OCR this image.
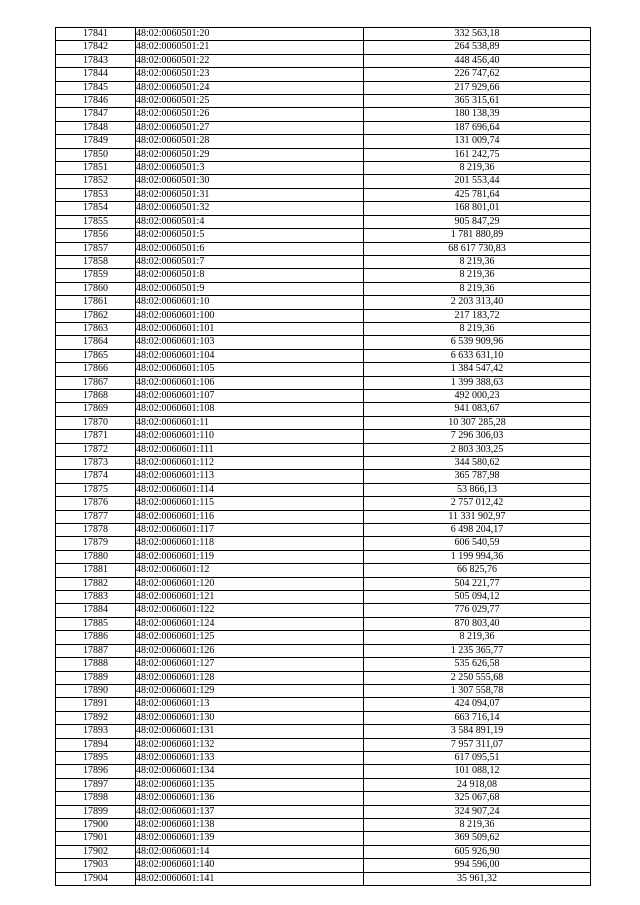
17841	48:02:0060501:20	332 563,18
17842	48:02:0060501:21	264 538,89
17843	48:02:0060501:22	448 456,40
17844	48:02:0060501:23	226 747,62
17845	48:02:0060501:24	217 929,66
17846	48:02:0060501:25	365 315,61
17847	48:02:0060501:26	180 138,39
17848	48:02:0060501:27	187 696,64
17849	48:02:0060501:28	131 009,74
17850	48:02:0060501:29	161 242,75
17851	48:02:0060501:3	8 219,36
17852	48:02:0060501:30	201 553,44
17853	48:02:0060501:31	425 781,64
17854	48:02:0060501:32	168 801,01
17855	48:02:0060501:4	905 847,29
17856	48:02:0060501:5	1 781 880,89
17857	48:02:0060501:6	68 617 730,83
17858	48:02:0060501:7	8 219,36
17859	48:02:0060501:8	8 219,36
17860	48:02:0060501:9	8 219,36
17861	48:02:0060601:10	2 203 313,40
17862	48:02:0060601:100	217 183,72
17863	48:02:0060601:101	8 219,36
17864	48:02:0060601:103	6 539 909,96
17865	48:02:0060601:104	6 633 631,10
17866	48:02:0060601:105	1 384 547,42
17867	48:02:0060601:106	1 399 388,63
17868	48:02:0060601:107	492 000,23
17869	48:02:0060601:108	941 083,67
17870	48:02:0060601:11	10 307 285,28
17871	48:02:0060601:110	7 296 306,03
17872	48:02:0060601:111	2 803 303,25
17873	48:02:0060601:112	344 580,62
17874	48:02:0060601:113	365 787,98
17875	48:02:0060601:114	53 866,13
17876	48:02:0060601:115	2 757 012,42
17877	48:02:0060601:116	11 331 902,97
17878	48:02:0060601:117	6 498 204,17
17879	48:02:0060601:118	606 540,59
17880	48:02:0060601:119	1 199 994,36
17881	48:02:0060601:12	66 825,76
17882	48:02:0060601:120	504 221,77
17883	48:02:0060601:121	505 094,12
17884	48:02:0060601:122	776 029,77
17885	48:02:0060601:124	870 803,40
17886	48:02:0060601:125	8 219,36
17887	48:02:0060601:126	1 235 365,77
17888	48:02:0060601:127	535 626,58
17889	48:02:0060601:128	2 250 555,68
17890	48:02:0060601:129	1 307 558,78
17891	48:02:0060601:13	424 094,07
17892	48:02:0060601:130	663 716,14
17893	48:02:0060601:131	3 584 891,19
17894	48:02:0060601:132	7 957 311,07
17895	48:02:0060601:133	617 095,51
17896	48:02:0060601:134	101 088,12
17897	48:02:0060601:135	24 918,08
17898	48:02:0060601:136	325 067,68
17899	48:02:0060601:137	324 907,24
17900	48:02:0060601:138	8 219,36
17901	48:02:0060601:139	369 509,62
17902	48:02:0060601:14	605 926,90
17903	48:02:0060601:140	994 596,00
17904	48:02:0060601:141	35 961,32
